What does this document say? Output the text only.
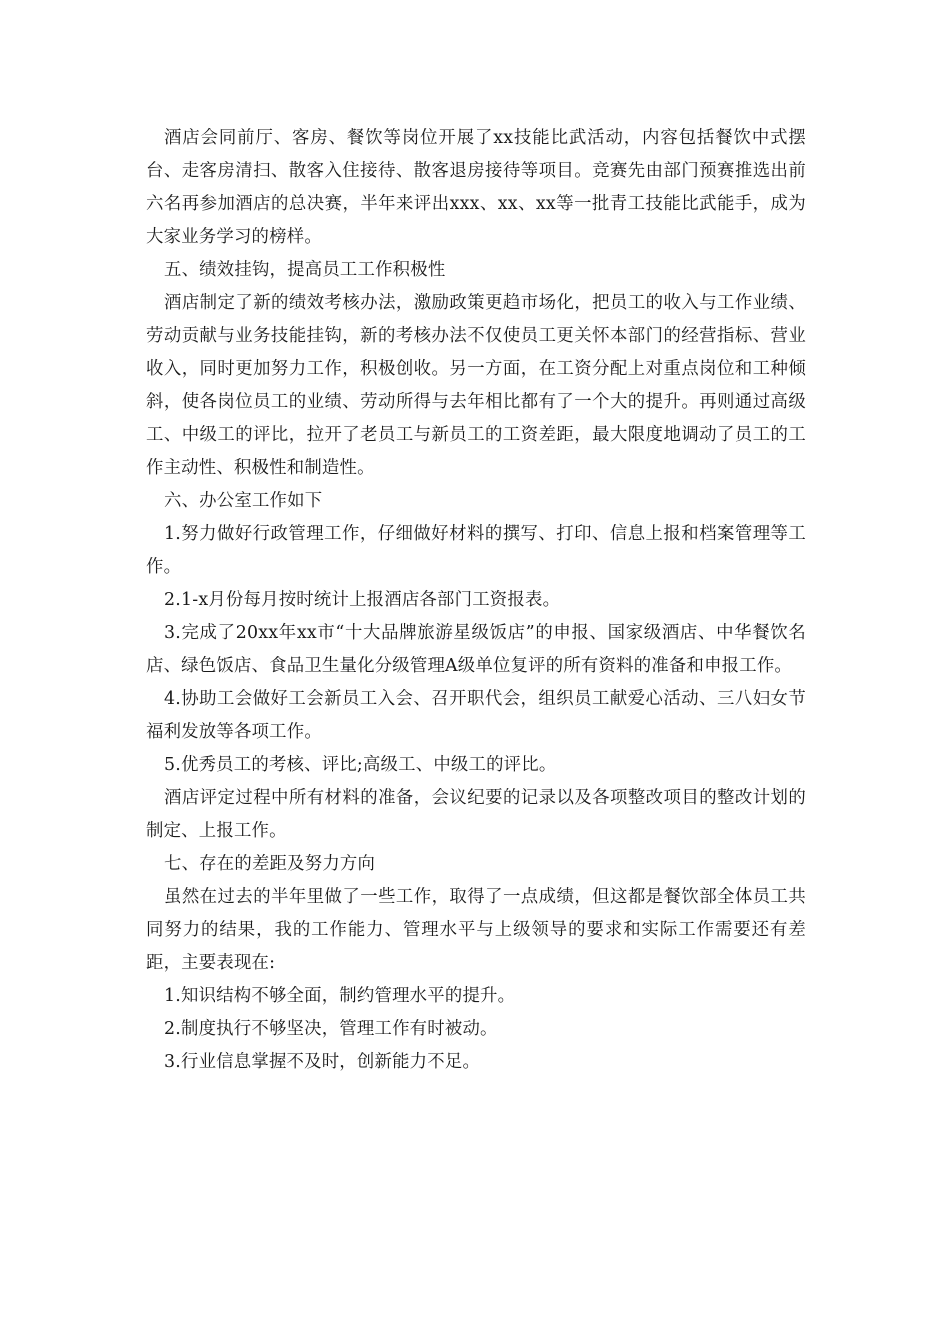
酒店会同前厅、客房、餐饮等岗位开展了xx技能比武活动，内容包括餐饮中式摆台、走客房清扫、散客入住接待、散客退房接待等项目。竞赛先由部门预赛推选出前六名再参加酒店的总决赛，半年来评出xxx、xx、xx等一批青工技能比武能手，成为大家业务学习的榜样。

五、绩效挂钩，提高员工工作积极性

酒店制定了新的绩效考核办法，激励政策更趋市场化，把员工的收入与工作业绩、劳动贡献与业务技能挂钩，新的考核办法不仅使员工更关怀本部门的经营指标、营业收入，同时更加努力工作，积极创收。另一方面，在工资分配上对重点岗位和工种倾斜，使各岗位员工的业绩、劳动所得与去年相比都有了一个大的提升。再则通过高级工、中级工的评比，拉开了老员工与新员工的工资差距，最大限度地调动了员工的工作主动性、积极性和制造性。

六、办公室工作如下

1.努力做好行政管理工作，仔细做好材料的撰写、打印、信息上报和档案管理等工作。

2.1-x月份每月按时统计上报酒店各部门工资报表。

3.完成了20xx年xx市“十大品牌旅游星级饭店”的申报、国家级酒店、中华餐饮名店、绿色饭店、食品卫生量化分级管理A级单位复评的所有资料的准备和申报工作。

4.协助工会做好工会新员工入会、召开职代会，组织员工献爱心活动、三八妇女节福利发放等各项工作。

5.优秀员工的考核、评比;高级工、中级工的评比。

酒店评定过程中所有材料的准备，会议纪要的记录以及各项整改项目的整改计划的制定、上报工作。

七、存在的差距及努力方向

虽然在过去的半年里做了一些工作，取得了一点成绩，但这都是餐饮部全体员工共同努力的结果，我的工作能力、管理水平与上级领导的要求和实际工作需要还有差距，主要表现在:

1.知识结构不够全面，制约管理水平的提升。

2.制度执行不够坚决，管理工作有时被动。

3.行业信息掌握不及时，创新能力不足。
